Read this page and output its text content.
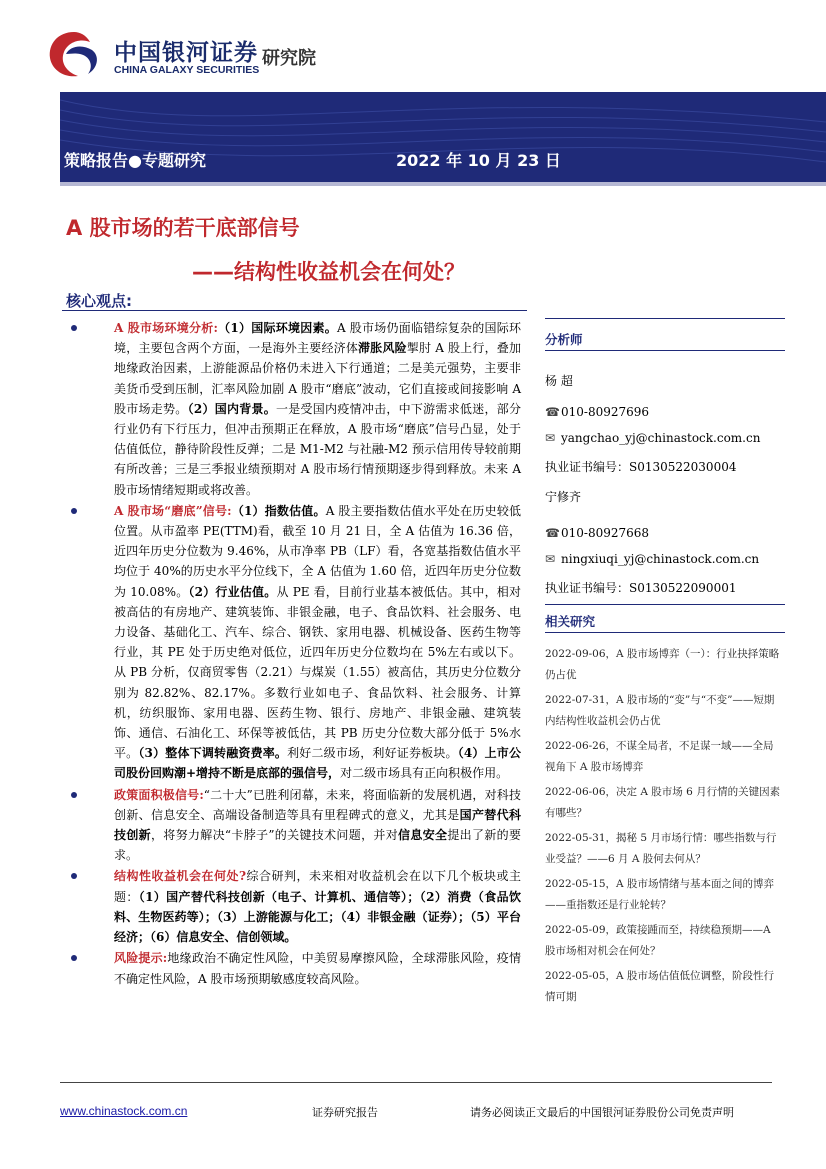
中国银河证券
CHINA GALAXY SECURITIES
研究院
策略报告●专题研究	2022 年 10 月 23 日
A 股市场的若干底部信号
——结构性收益机会在何处？
核心观点:
A 股市场环境分析:（1）国际环境因素。A 股市场仍面临错综复杂的国际环境，主要包含两个方面，一是海外主要经济体滞胀风险掣肘 A 股上行，叠加地缘政治因素，上游能源品价格仍未进入下行通道；二是美元强势，主要非美货币受到压制，汇率风险加剧 A 股市“磨底”波动，它们直接或间接影响 A 股市场走势。（2）国内背景。一是受国内疫情冲击，中下游需求低迷，部分行业仍有下行压力，但冲击预期正在释放，A 股市场“磨底”信号凸显，处于估值低位，静待阶段性反弹；二是 M1-M2 与社融-M2 预示信用传导较前期有所改善；三是三季报业绩预期对 A 股市场行情预期逐步得到释放。未来 A 股市场情绪短期或将改善。
A 股市场“磨底”信号:（1）指数估值。A 股主要指数估值水平处在历史较低位置。从市盈率 PE(TTM)看，截至 10 月 21 日，全 A 估值为 16.36 倍，近四年历史分位数为 9.46%，从市净率 PB（LF）看，各宽基指数估值水平均位于 40%的历史水平分位线下，全 A 估值为 1.60 倍，近四年历史分位数为 10.08%。（2）行业估值。从 PE 看，目前行业基本被低估。其中，相对被高估的有房地产、建筑装饰、非银金融，电子、食品饮料、社会服务、电力设备、基础化工、汽车、综合、钢铁、家用电器、机械设备、医药生物等行业，其 PE 处于历史绝对低位，近四年历史分位数均在 5%左右或以下。从 PB 分析，仅商贸零售（2.21）与煤炭（1.55）被高估，其历史分位数分别为 82.82%、82.17%。多数行业如电子、食品饮料、社会服务、计算机，纺织服饰、家用电器、医药生物、银行、房地产、非银金融、建筑装饰、通信、石油化工、环保等被低估，其 PB 历史分位数大部分低于 5%水平。（3）整体下调转融资费率。利好二级市场，利好证券板块。（4）上市公司股份回购潮+增持不断是底部的强信号，对二级市场具有正向积极作用。
政策面积极信号:“二十大”已胜利闭幕，未来，将面临新的发展机遇，对科技创新、信息安全、高端设备制造等具有里程碑式的意义，尤其是国产替代科技创新，将努力解决“卡脖子”的关键技术问题，并对信息安全提出了新的要求。
结构性收益机会在何处?综合研判，未来相对收益机会在以下几个板块或主题：（1）国产替代科技创新（电子、计算机、通信等）；（2）消费（食品饮料、生物医药等）；（3）上游能源与化工；（4）非银金融（证券）；（5）平台经济；（6）信息安全、信创领域。
风险提示:地缘政治不确定性风险，中美贸易摩擦风险，全球滞胀风险，疫情不确定性风险，A 股市场预期敏感度较高风险。
分析师
杨 超
☎010-80927696
✉ yangchao_yj@chinastock.com.cn
执业证书编号：S0130522030004
宁修齐
☎010-80927668
✉ ningxiuqi_yj@chinastock.com.cn
执业证书编号：S0130522090001
相关研究
2022-09-06，A 股市场博弈（一）：行业抉择策略仍占优
2022-07-31，A 股市场的“变”与“不变”——短期内结构性收益机会仍占优
2022-06-26，不谋全局者，不足谋一域——全局视角下 A 股市场博弈
2022-06-06，决定 A 股市场 6 月行情的关键因素有哪些？
2022-05-31，揭秘 5 月市场行情：哪些指数与行业受益？——6 月 A 股何去何从？
2022-05-15，A 股市场情绪与基本面之间的博弈——重指数还是行业轮转？
2022-05-09，政策接踵而至，持续稳预期——A 股市场相对机会在何处？
2022-05-05，A 股市场估值低位调整，阶段性行情可期
www.chinastock.com.cn	证券研究报告	请务必阅读正文最后的中国银河证券股份公司免责声明
